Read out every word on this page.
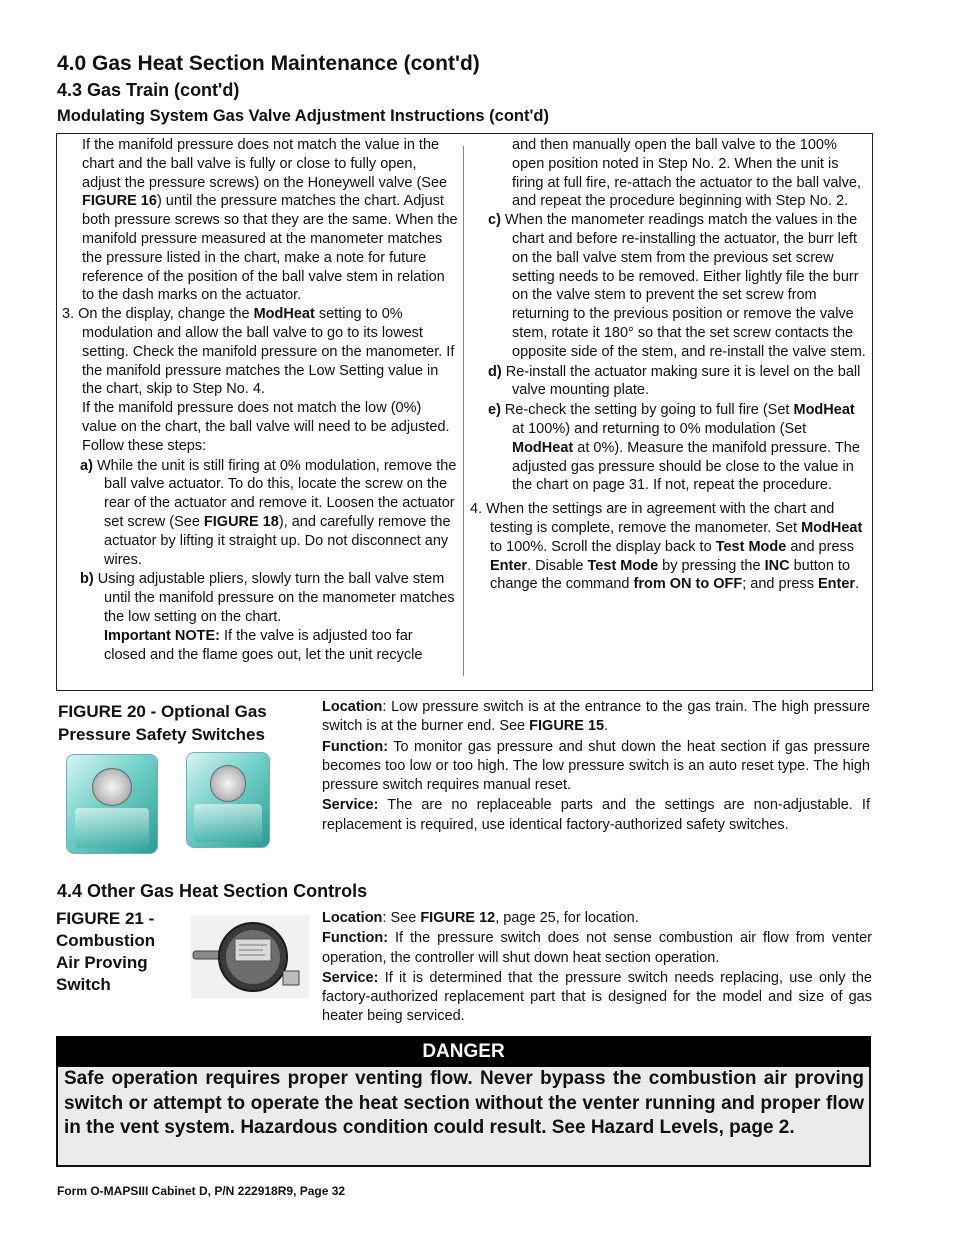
4.0 Gas Heat Section Maintenance (cont'd)
4.3 Gas Train (cont'd)
Modulating System Gas Valve Adjustment Instructions (cont'd)

If the manifold pressure does not match the value in the chart and the ball valve is fully or close to fully open, adjust the pressure screws) on the Honeywell valve (See FIGURE 16) until the pressure matches the chart. Adjust both pressure screws so that they are the same. When the manifold pressure measured at the manometer matches the pressure listed in the chart, make a note for future reference of the position of the ball valve stem in relation to the dash marks on the actuator.

3. On the display, change the ModHeat setting to 0% modulation and allow the ball valve to go to its lowest setting. Check the manifold pressure on the manometer. If the manifold pressure matches the Low Setting value in the chart, skip to Step No. 4.

If the manifold pressure does not match the low (0%) value on the chart, the ball valve will need to be adjusted. Follow these steps:

a) While the unit is still firing at 0% modulation, remove the ball valve actuator. To do this, locate the screw on the rear of the actuator and remove it. Loosen the actuator set screw (See FIGURE 18), and carefully remove the actuator by lifting it straight up. Do not disconnect any wires.

b) Using adjustable pliers, slowly turn the ball valve stem until the manifold pressure on the manometer matches the low setting on the chart.

Important NOTE: If the valve is adjusted too far closed and the flame goes out, let the unit recycle

and then manually open the ball valve to the 100% open position noted in Step No. 2. When the unit is firing at full fire, re-attach the actuator to the ball valve, and repeat the procedure beginning with Step No. 2.

c) When the manometer readings match the values in the chart and before re-installing the actuator, the burr left on the ball valve stem from the previous set screw setting needs to be removed. Either lightly file the burr on the valve stem to prevent the set screw from returning to the previous position or remove the valve stem, rotate it 180° so that the set screw contacts the opposite side of the stem, and re-install the valve stem.

d) Re-install the actuator making sure it is level on the ball valve mounting plate.

e) Re-check the setting by going to full fire (Set ModHeat at 100%) and returning to 0% modulation (Set ModHeat at 0%). Measure the manifold pressure. The adjusted gas pressure should be close to the value in the chart on page 31. If not, repeat the procedure.

4. When the settings are in agreement with the chart and testing is complete, remove the manometer. Set ModHeat to 100%. Scroll the display back to Test Mode and press Enter. Disable Test Mode by pressing the INC button to change the command from ON to OFF; and press Enter.

FIGURE 20 - Optional Gas Pressure Safety Switches

Location: Low pressure switch is at the entrance to the gas train. The high pressure switch is at the burner end. See FIGURE 15.

Function: To monitor gas pressure and shut down the heat section if gas pressure becomes too low or too high. The low pressure switch is an auto reset type. The high pressure switch requires manual reset.

Service: The are no replaceable parts and the settings are non-adjustable. If replacement is required, use identical factory-authorized safety switches.

4.4 Other Gas Heat Section Controls
FIGURE 21 - Combustion Air Proving Switch

Location: See FIGURE 12, page 25, for location.

Function: If the pressure switch does not sense combustion air flow from venter operation, the controller will shut down heat section operation.

Service: If it is determined that the pressure switch needs replacing, use only the factory-authorized replacement part that is designed for the model and size of gas heater being serviced.

DANGER
Safe operation requires proper venting flow. Never bypass the combustion air proving switch or attempt to operate the heat section without the venter running and proper flow in the vent system. Hazardous condition could result. See Hazard Levels, page 2.
Form O-MAPSIII Cabinet D, P/N 222918R9, Page 32
